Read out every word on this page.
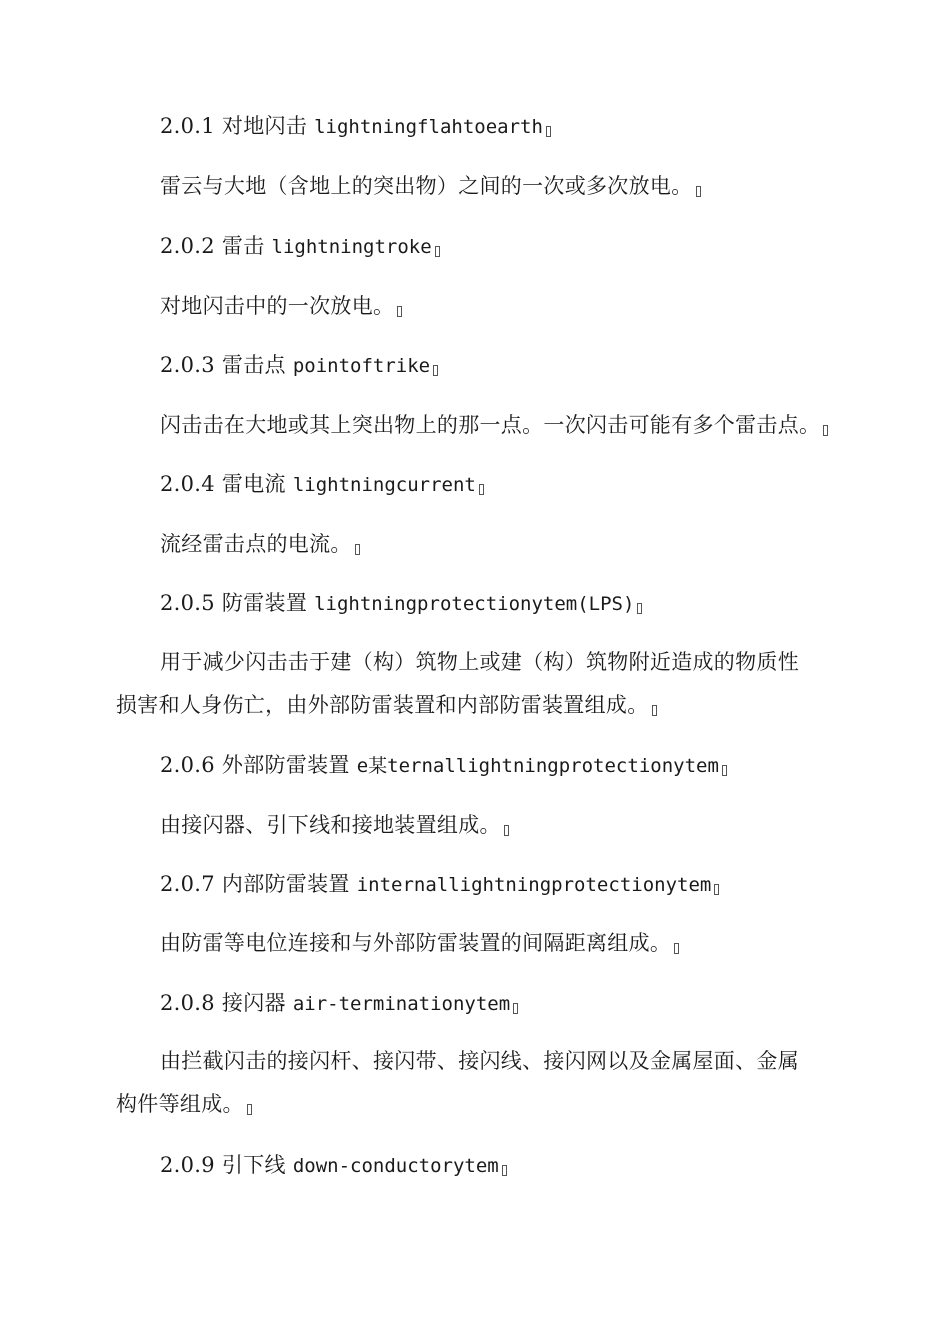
2.0.1 对地闪击 lightningflahtoearth
雷云与大地（含地上的突出物）之间的一次或多次放电。
2.0.2 雷击 lightningtroke
对地闪击中的一次放电。
2.0.3 雷击点 pointoftrike
闪击击在大地或其上突出物上的那一点。一次闪击可能有多个雷击点。
2.0.4 雷电流 lightningcurrent
流经雷击点的电流。
2.0.5 防雷装置 lightningprotectionytem(LPS)
用于减少闪击击于建（构）筑物上或建（构）筑物附近造成的物质性
损害和人身伤亡，由外部防雷装置和内部防雷装置组成。
2.0.6 外部防雷装置 e某ternallightningprotectionytem
由接闪器、引下线和接地装置组成。
2.0.7 内部防雷装置 internallightningprotectionytem
由防雷等电位连接和与外部防雷装置的间隔距离组成。
2.0.8 接闪器 air-terminationytem
由拦截闪击的接闪杆、接闪带、接闪线、接闪网以及金属屋面、金属
构件等组成。
2.0.9 引下线 down-conductorytem
